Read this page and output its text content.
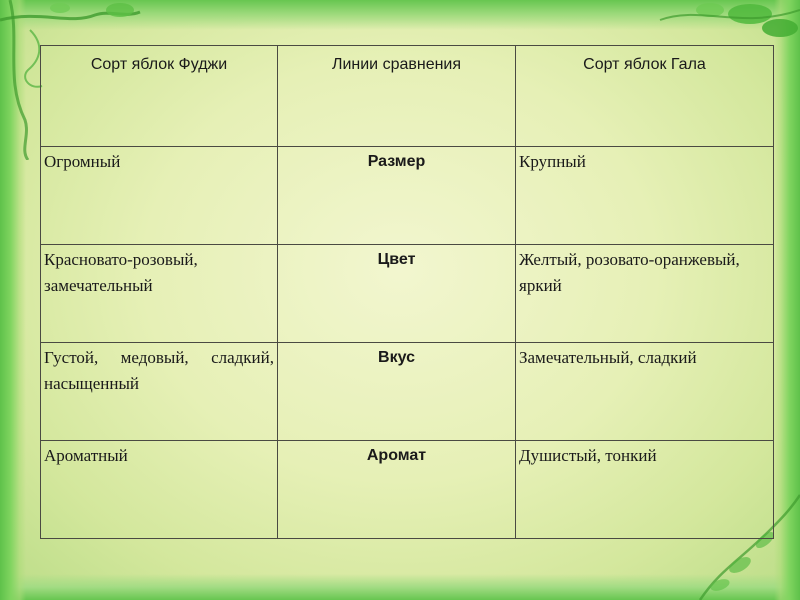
Сорт яблок Фуджи	Линии сравнения	Сорт яблок Гала
Огромный	Размер	Крупный
Красновато-розовый, замечательный	Цвет	Желтый, розовато-оранжевый, яркий
Густой, медовый, сладкий, насыщенный	Вкус	Замечательный, сладкий
Ароматный	Аромат	Душистый, тонкий
